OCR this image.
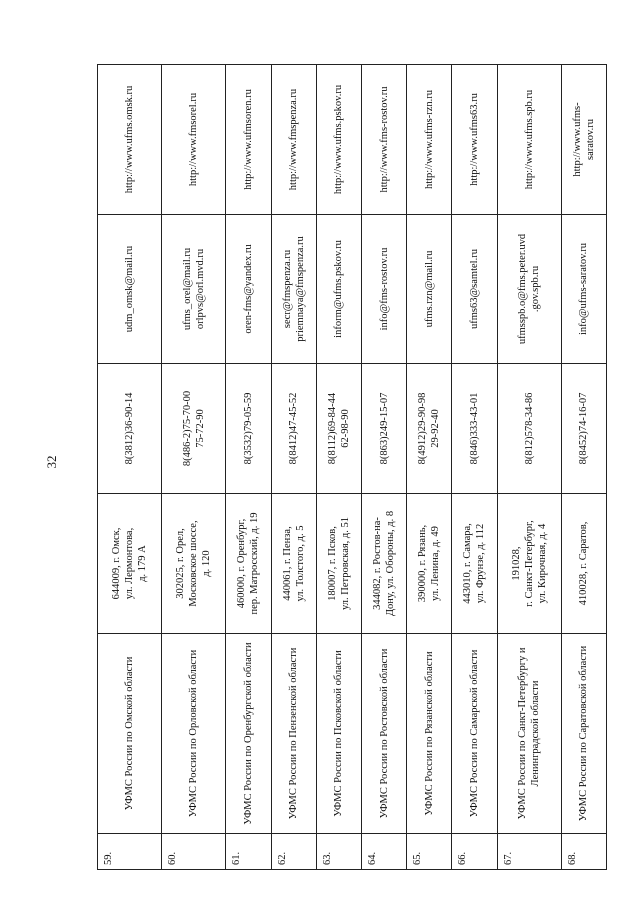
32
59.	УФМС России по Омской области	644009, г. Омск, ул. Лермонтова, д. 179 А	8(3812)36-90-14	udm_omsk@mail.ru	http://www.ufms.omsk.ru

60.	УФМС России по Орловской области	302025, г. Орел, Московское шоссе, д. 120	8(486-2)75-70-00 75-72-90	ufms_orel@mail.ru orlpvs@orl.mvd.ru	http://www.fmsorel.ru

61.	УФМС России по Оренбургской области	460000, г. Оренбург, пер. Матросский, д. 19	8(3532)79-05-59	oren-fms@yandex.ru	http://www.ufmsoren.ru

62.	УФМС России по Пензенской области	440061, г. Пенза, ул. Толстого, д. 5	8(8412)47-45-52	secr@fmspenza.ru priemnaya@fmspenza.ru	http://www.fmspenza.ru

63.	УФМС России по Псковской области	180007, г. Псков, ул. Петровская, д. 51	8(8112)69-84-44 62-98-90	inform@ufms.pskov.ru	http://www.ufms.pskov.ru

64.	УФМС России по Ростовской области	344082, г. Ростов-на- Дону, ул. Обороны, д. 8	8(863)249-15-07	info@fms-rostov.ru	http://www.fms-rostov.ru

65.	УФМС России по Рязанской области	390000, г. Рязань, ул. Ленина, д. 49	8(4912)29-90-98 29-92-40	ufms.rzn@mail.ru	http://www.ufms-rzn.ru

66.	УФМС России по Самарской области	443010, г. Самара, ул. Фрунзе, д. 112	8(846)333-43-01	ufms63@samtel.ru	http://www.ufms63.ru

67.	УФМС России по Санкт-Петербургу и Ленинградской области	191028, г. Санкт-Петербург, ул. Кирочная, д. 4	8(812)578-34-86	ufmsspb.o@fms.peter.uvd .gov.spb.ru	http://www.ufms.spb.ru

68.	УФМС России по Саратовской области	410028, г. Саратов,	8(8452)74-16-07	info@ufms-saratov.ru	http://www.ufms- saratov.ru
